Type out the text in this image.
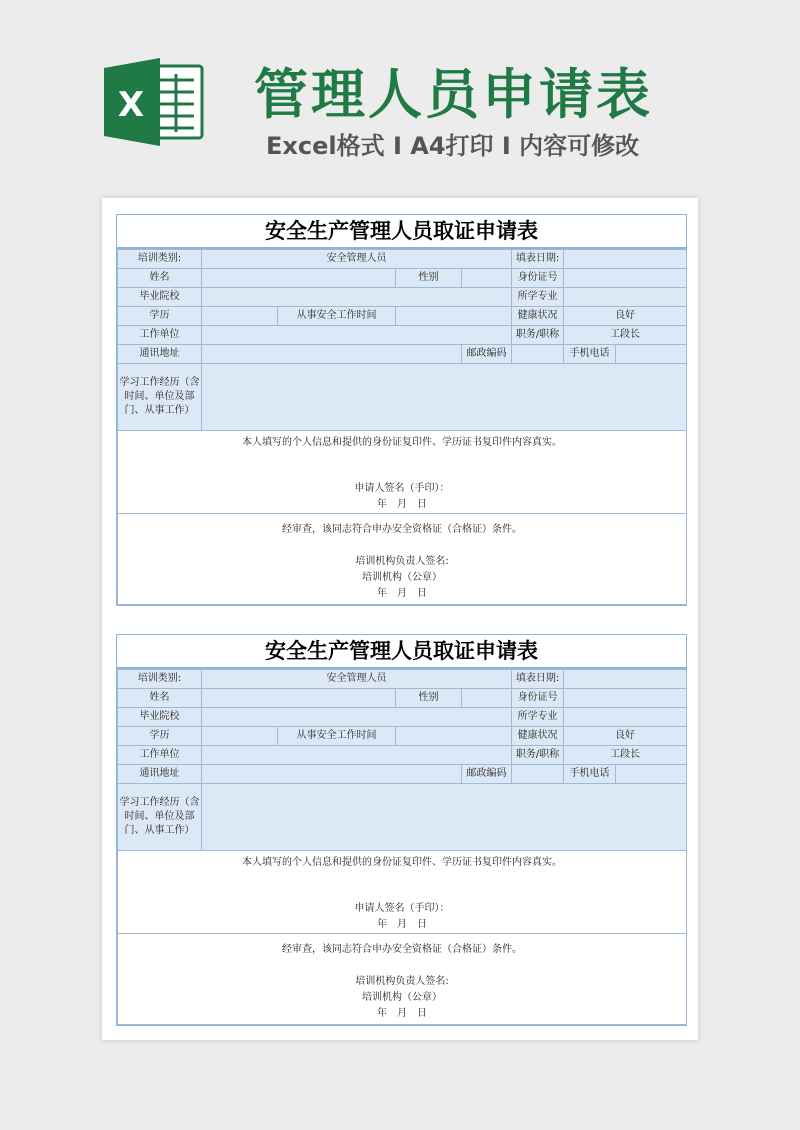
X 管理人员申请表
Excel格式 Ⅰ A4打印 Ⅰ 内容可修改
安全生产管理人员取证申请表
培训类别:	安全管理人员				填表日期:		
姓名			性别		身份证号		
毕业院校					所学专业		
学历		从事安全工作时间			健康状况	良好	
工作单位					职务/职称	工段长	
通讯地址				邮政编码		手机电话	
学习工作经历（含时间、单位及部门、从事工作）							

本人填写的个人信息和提供的身份证复印件、学历证书复印件内容真实。
申请人签名（手印）：
年　月　日							

经审查，该同志符合申办安全资格证（合格证）条件。
培训机构负责人签名:
培训机构（公章）
年　月　日							
安全生产管理人员取证申请表
培训类别:	安全管理人员				填表日期:		
姓名			性别		身份证号		
毕业院校					所学专业		
学历		从事安全工作时间			健康状况	良好	
工作单位					职务/职称	工段长	
通讯地址				邮政编码		手机电话	
学习工作经历（含时间、单位及部门、从事工作）							

本人填写的个人信息和提供的身份证复印件、学历证书复印件内容真实。
申请人签名（手印）：
年　月　日							

经审查，该同志符合申办安全资格证（合格证）条件。
培训机构负责人签名:
培训机构（公章）
年　月　日							
